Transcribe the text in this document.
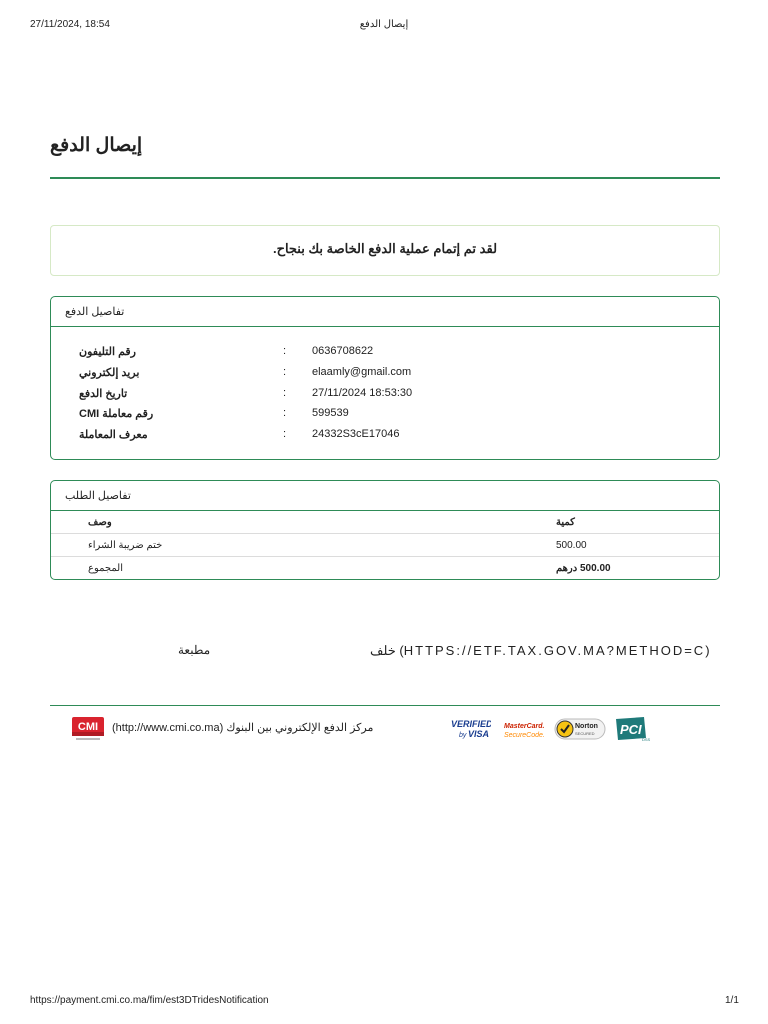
27/11/2024, 18:54	إيصال الدفع
إيصال الدفع
لقد تم إتمام عملية الدفع الخاصة بك بنجاح.
تفاصيل الدفع
رقم التليفون	: 0636708622
بريد إلكتروني	: elaamly@gmail.com
تاريخ الدفع	: 27/11/2024 18:53:30
رقم معاملة CMI	: 599539
معرف المعاملة	: 24332S3cE17046
تفاصيل الطلب
وصف	كمية
ختم ضريبة الشراء	500.00
المجموع	500.00 درهم
مطبعة	خلف (HTTPS://ETF.TAX.GOV.MA?METHOD=C)
CMI مركز الدفع الإلكتروني بين البنوك (http://www.cmi.co.ma)	VERIFIED
by VISA
MasterCard.
SecureCode.
Norton
SECURED PCI
DSS
https://payment.cmi.co.ma/fim/est3DTridesNotification	1/1
